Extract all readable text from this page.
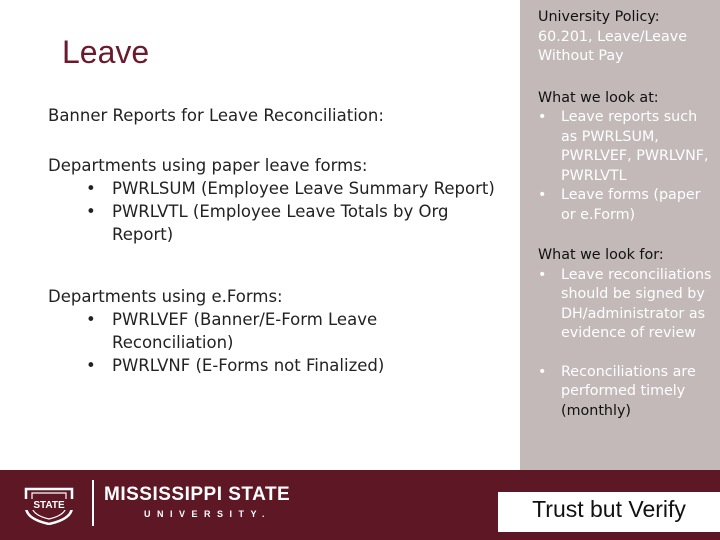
Leave

Banner Reports for Leave Reconciliation:

Departments using paper leave forms:

• PWRLSUM (Employee Leave Summary Report)
• PWRLVTL (Employee Leave Totals by Org Report)

Departments using e.Forms:

• PWRLVEF (Banner/E-Form Leave Reconciliation)
• PWRLVNF (E-Forms not Finalized)

University Policy:

60.201, Leave/Leave Without Pay

What we look at:

• Leave reports such as PWRLSUM, PWRLVEF, PWRLVNF, PWRLVTL
• Leave forms (paper or e.Form)

What we look for:

• Leave reconciliations should be signed by DH/administrator as evidence of review
• Reconciliations are performed timely (monthly)
STATE
MISSISSIPPI STATE
UNIVERSITY.	Trust but Verify
